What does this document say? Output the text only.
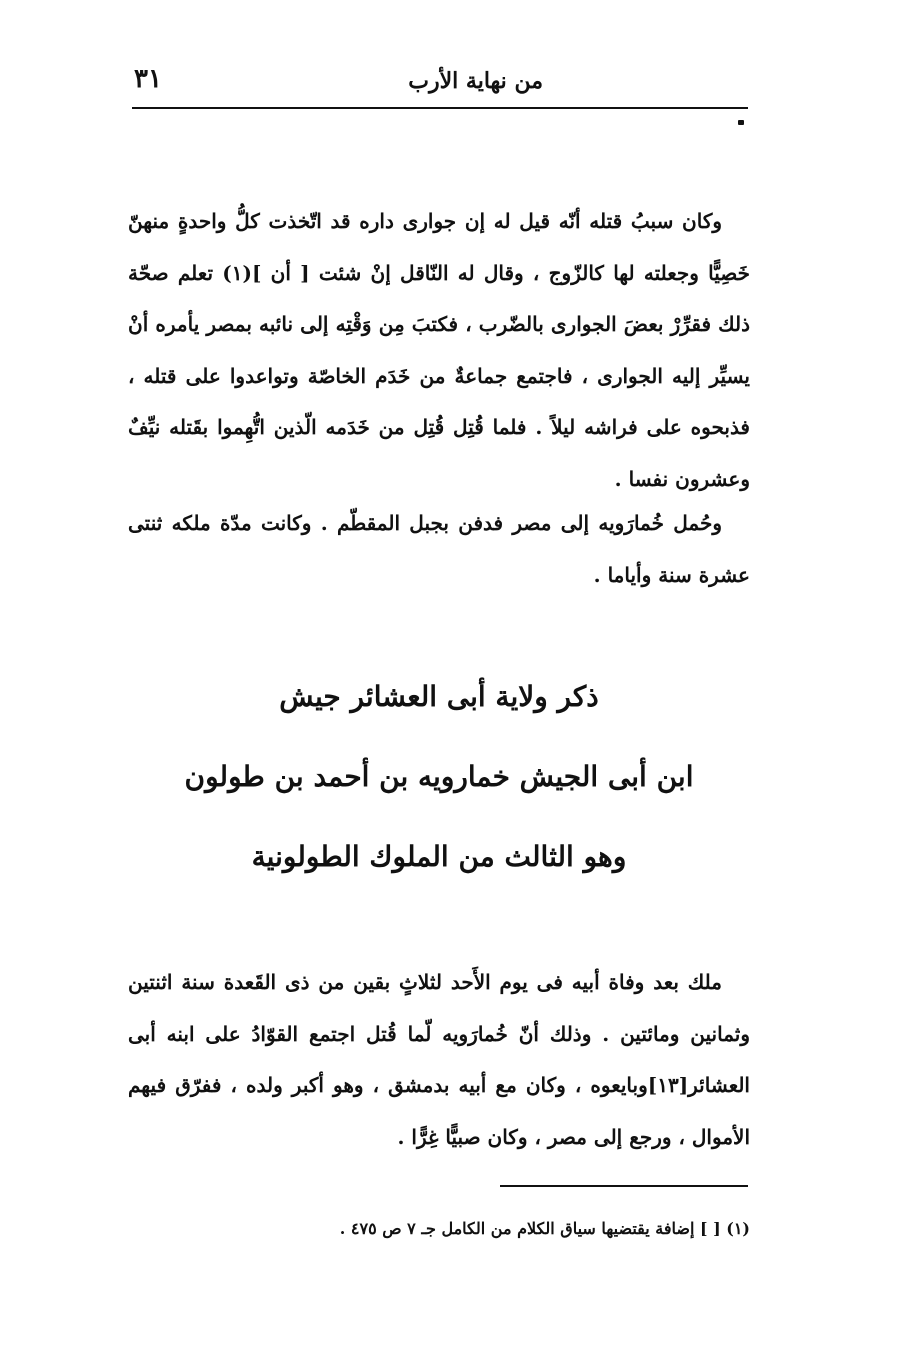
من نهاية الأرب
٣١

وكان سببُ قتله أنّه قيل له إن جوارى داره قد اتّخذت كلُّ واحدةٍ منهنّ خَصِيًّا وجعلته لها كالزّوج ، وقال له النّاقل إنْ شئت [ أن ](١) تعلم صحّة ذلك فقرِّرْ بعضَ الجوارى بالضّرب ، فكتبَ مِن وَقْتِه إلى نائبه بمصر يأمره أنْ يسيِّر إليه الجوارى ، فاجتمع جماعةٌ من خَدَم الخاصّة وتواعدوا على قتله ، فذبحوه على فراشه ليلاً . فلما قُتِل قُتِل من خَدَمه الّذين اتُّهِموا بقَتله نيِّفٌ وعشرون نفسا .

وحُمل خُمارَويه إلى مصر فدفن بجبل المقطّم . وكانت مدّة ملكه ثنتى عشرة سنة وأياما .

ذكر ولاية أبى العشائر جيش
ابن أبى الجيش خمارويه بن أحمد بن طولون
وهو الثالث من الملوك الطولونية

ملك بعد وفاة أبيه فى يوم الأَحد لثلاثٍ بقين من ذى القَعدة سنة اثنتين وثمانين ومائتين . وذلك أنّ خُمارَويه لّما قُتل اجتمع القوّادُ على ابنه أبى العشائر[١٣]وبايعوه ، وكان مع أبيه بدمشق ، وهو أكبر ولده ، ففرّق فيهم الأموال ، ورجع إلى مصر ، وكان صبيًّا غِرًّا .

(١) [ ] إضافة يقتضيها سياق الكلام من الكامل جـ ٧ ص ٤٧٥ .
